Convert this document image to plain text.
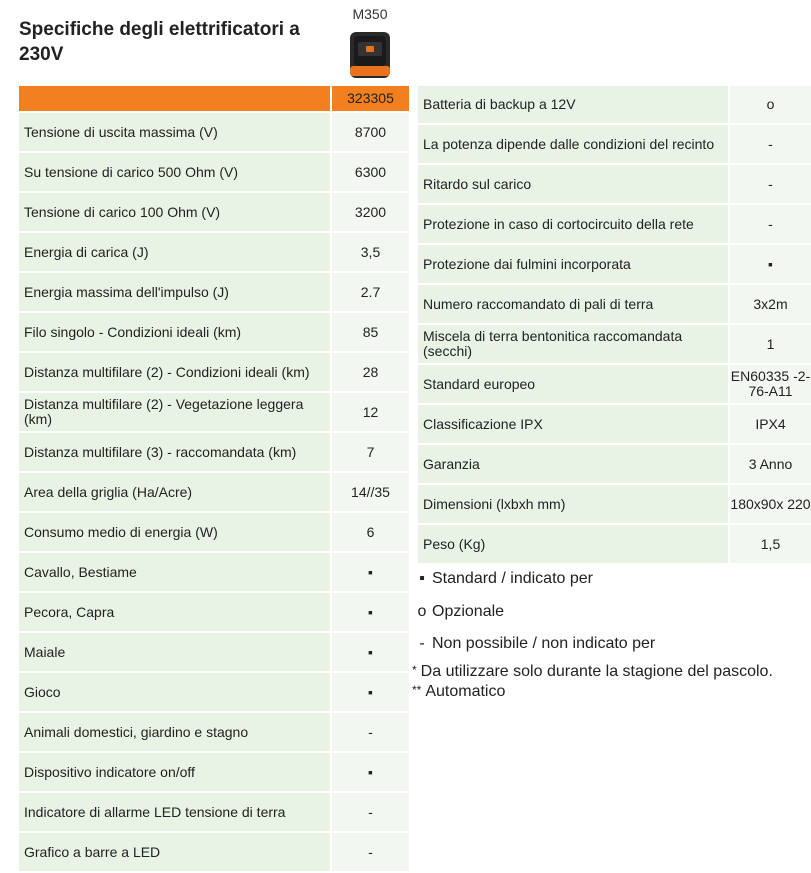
Specifiche degli elettrificatori a 230V
M350
323305
Tensione di uscita massima (V)	8700
Su tensione di carico 500 Ohm (V)	6300
Tensione di carico 100 Ohm (V)	3200
Energia di carica (J)	3,5
Energia massima dell'impulso (J)	2.7
Filo singolo - Condizioni ideali (km)	85
Distanza multifilare (2) - Condizioni ideali (km)	28
Distanza multifilare (2) - Vegetazione leggera (km)	12
Distanza multifilare (3) - raccomandata (km)	7
Area della griglia (Ha/Acre)	14//35
Consumo medio di energia (W)	6
Cavallo, Bestiame	▪
Pecora, Capra	▪
Maiale	▪
Gioco	▪
Animali domestici, giardino e stagno	-
Dispositivo indicatore on/off	▪
Indicatore di allarme LED tensione di terra	-
Grafico a barre a LED	-
Batteria di backup a 12V	o
La potenza dipende dalle condizioni del recinto	-
Ritardo sul carico	-
Protezione in caso di cortocircuito della rete	-
Protezione dai fulmini incorporata	▪
Numero raccomandato di pali di terra	3x2m
Miscela di terra bentonitica raccomandata (secchi)	1
Standard europeo	EN60335 -2-76-A11
Classificazione IPX	IPX4
Garanzia	3 Anno
Dimensioni (lxbxh mm)	180x90x 220
Peso (Kg)	1,5
▪ Standard / indicato per
o Opzionale
- Non possibile / non indicato per
* Da utilizzare solo durante la stagione del pascolo.
** Automatico
